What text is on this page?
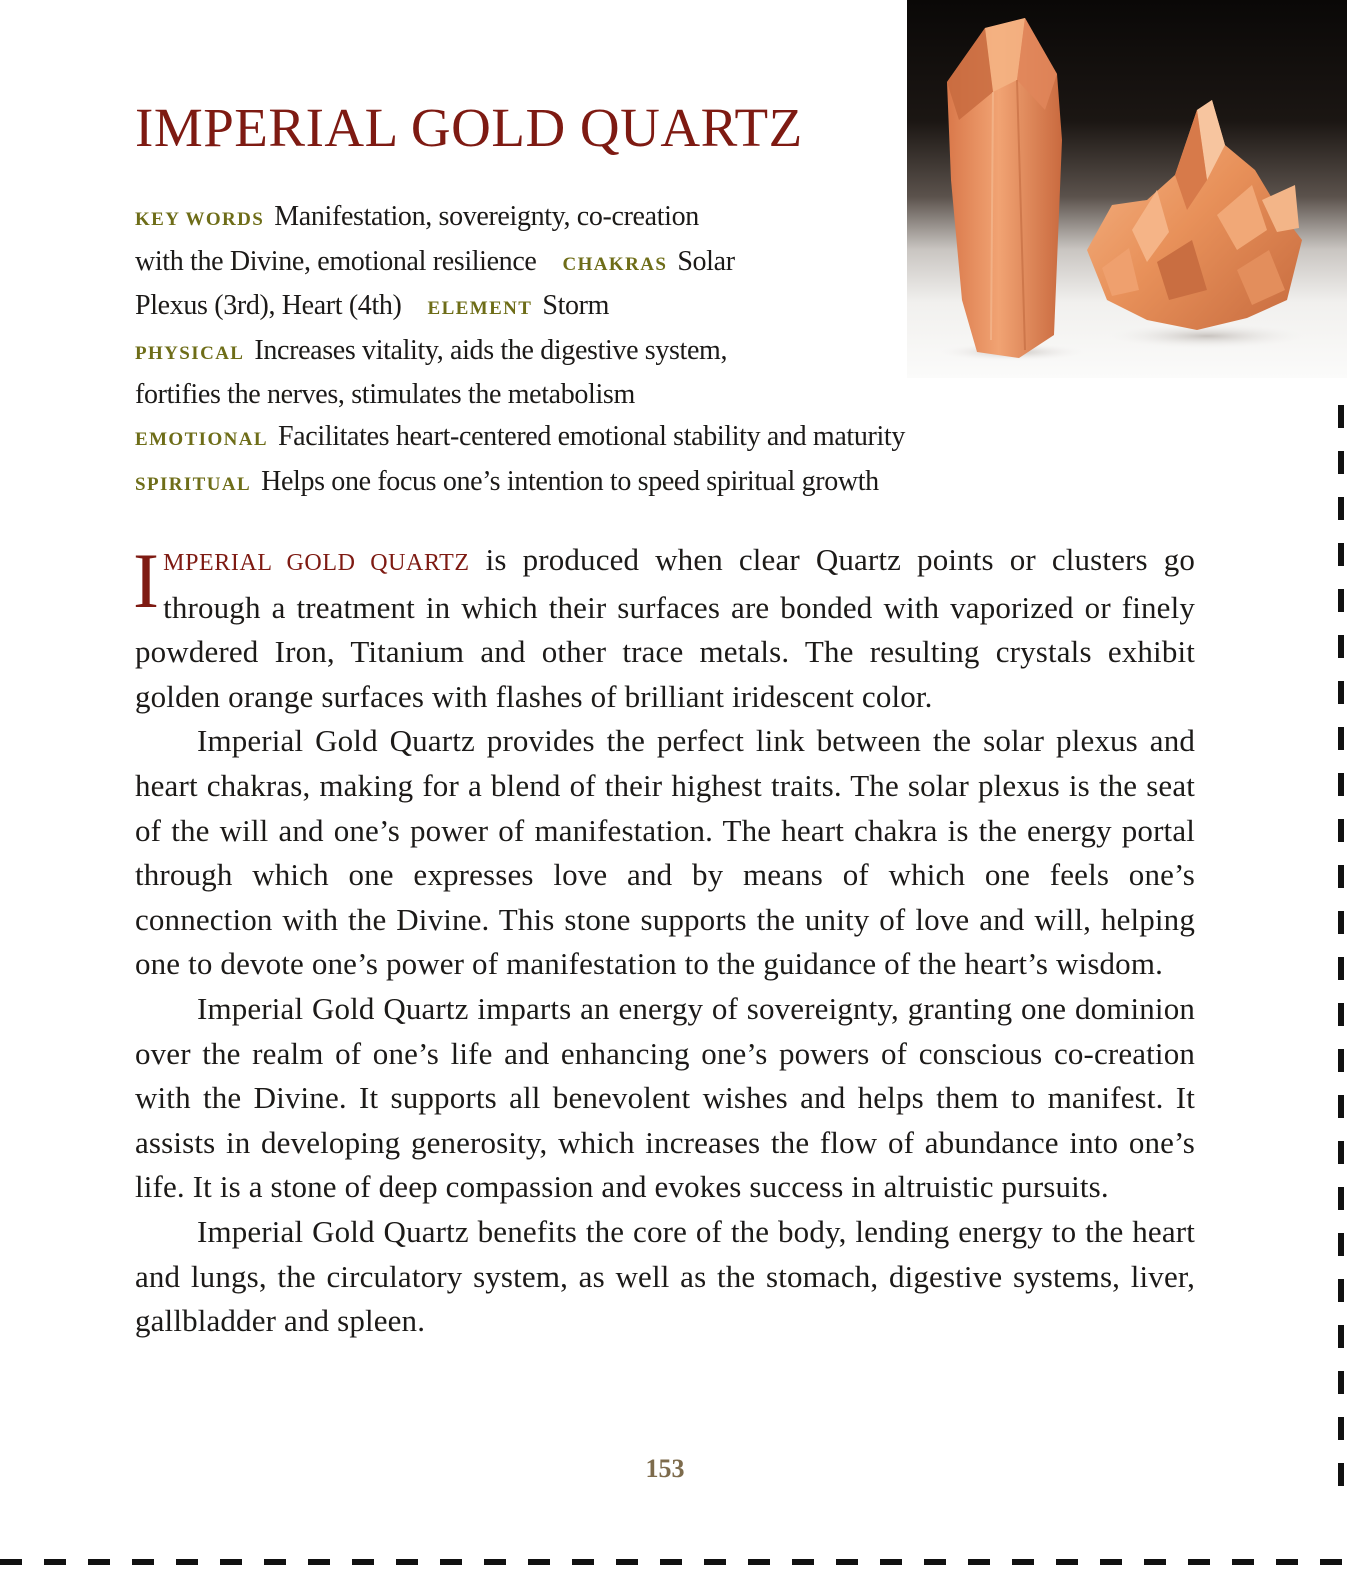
IMPERIAL GOLD QUARTZ
KEY WORDS Manifestation, sovereignty, co-creation
with the Divine, emotional resilience CHAKRAS Solar
Plexus (3rd), Heart (4th) ELEMENT Storm
PHYSICAL Increases vitality, aids the digestive system,
fortifies the nerves, stimulates the metabolism
EMOTIONAL Facilitates heart-centered emotional stability and maturity
SPIRITUAL Helps one focus one’s intention to speed spiritual growth

IMPERIAL GOLD QUARTZ is produced when clear Quartz points or clusters go through a treatment in which their surfaces are bonded with vaporized or finely powdered Iron, Titanium and other trace metals. The resulting crystals exhibit golden orange surfaces with flashes of brilliant iridescent color.

Imperial Gold Quartz provides the perfect link between the solar plexus and heart chakras, making for a blend of their highest traits. The solar plexus is the seat of the will and one’s power of manifestation. The heart chakra is the energy portal through which one expresses love and by means of which one feels one’s connection with the Divine. This stone supports the unity of love and will, helping one to devote one’s power of manifestation to the guidance of the heart’s wisdom.

Imperial Gold Quartz imparts an energy of sovereignty, granting one dominion over the realm of one’s life and enhancing one’s powers of conscious co-creation with the Divine. It supports all benevolent wishes and helps them to manifest. It assists in developing generosity, which increases the flow of abundance into one’s life. It is a stone of deep compassion and evokes success in altruistic pursuits.

Imperial Gold Quartz benefits the core of the body, lending energy to the heart and lungs, the circulatory system, as well as the stomach, digestive systems, liver, gallbladder and spleen.

153
